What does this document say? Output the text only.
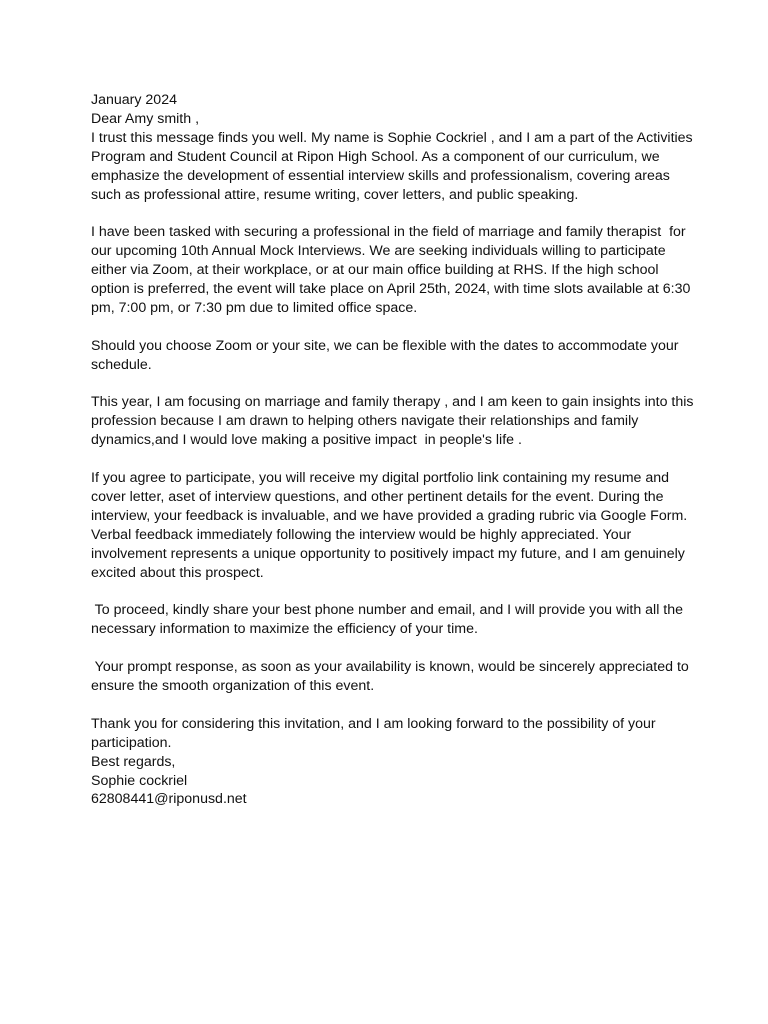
January 2024
Dear Amy smith ,
I trust this message finds you well. My name is Sophie Cockriel , and I am a part of the Activities
Program and Student Council at Ripon High School. As a component of our curriculum, we
emphasize the development of essential interview skills and professionalism, covering areas
such as professional attire, resume writing, cover letters, and public speaking.
I have been tasked with securing a professional in the field of marriage and family therapist  for
our upcoming 10th Annual Mock Interviews. We are seeking individuals willing to participate
either via Zoom, at their workplace, or at our main office building at RHS. If the high school
option is preferred, the event will take place on April 25th, 2024, with time slots available at 6:30
pm, 7:00 pm, or 7:30 pm due to limited office space.
Should you choose Zoom or your site, we can be flexible with the dates to accommodate your
schedule.
This year, I am focusing on marriage and family therapy , and I am keen to gain insights into this
profession because I am drawn to helping others navigate their relationships and family
dynamics,and I would love making a positive impact  in people's life .
If you agree to participate, you will receive my digital portfolio link containing my resume and
cover letter, aset of interview questions, and other pertinent details for the event. During the
interview, your feedback is invaluable, and we have provided a grading rubric via Google Form.
Verbal feedback immediately following the interview would be highly appreciated. Your
involvement represents a unique opportunity to positively impact my future, and I am genuinely
excited about this prospect.
To proceed, kindly share your best phone number and email, and I will provide you with all the
necessary information to maximize the efficiency of your time.
Your prompt response, as soon as your availability is known, would be sincerely appreciated to
ensure the smooth organization of this event.
Thank you for considering this invitation, and I am looking forward to the possibility of your
participation.
Best regards,
Sophie cockriel
62808441@riponusd.net
